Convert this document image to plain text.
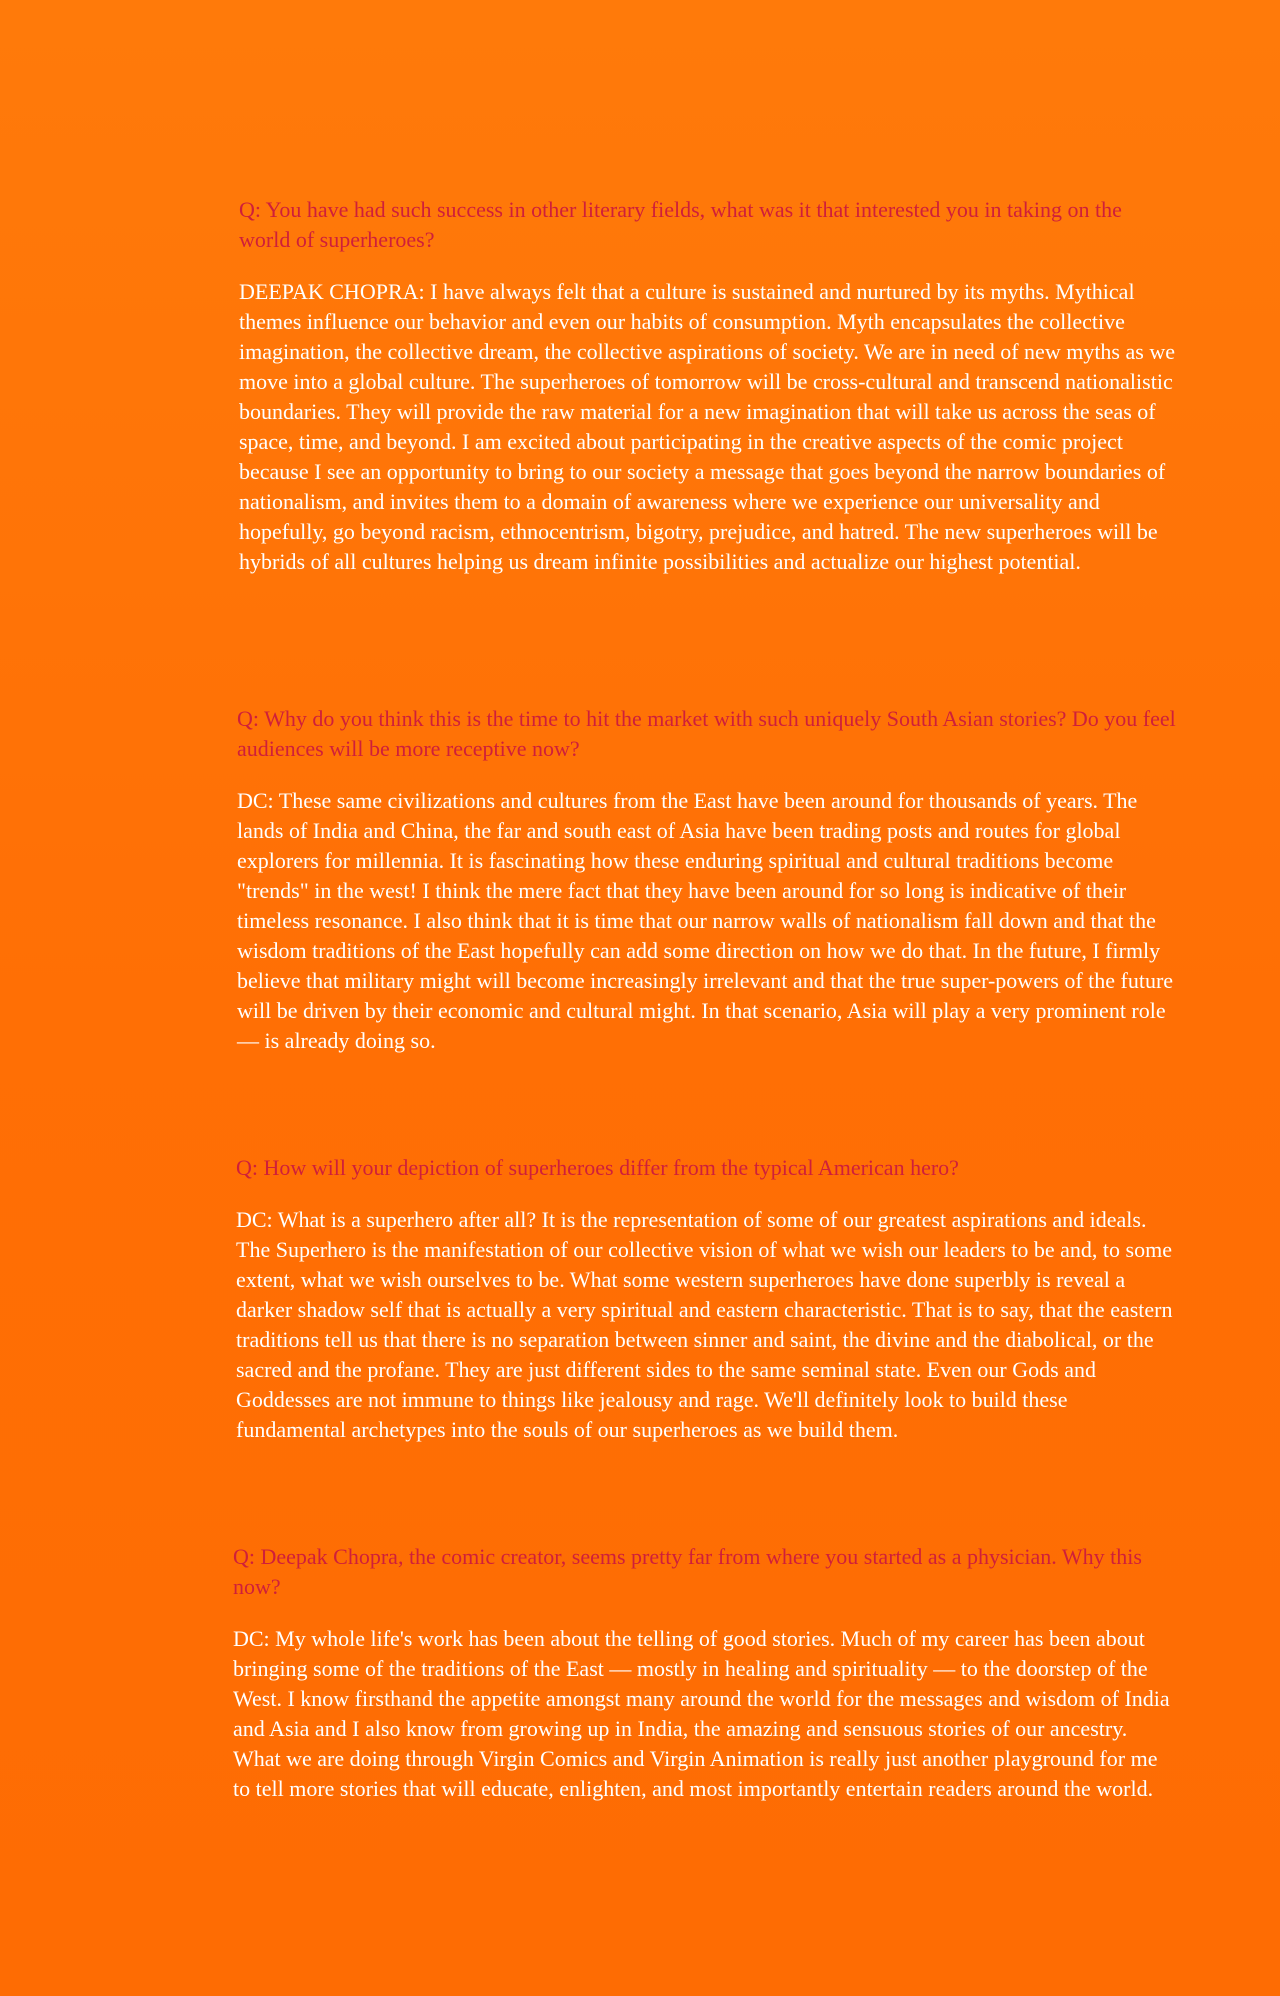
Q: You have had such success in other literary fields, what was it that interested you in taking on the world of superheroes?

DEEPAK CHOPRA: I have always felt that a culture is sustained and nurtured by its myths. Mythical themes influence our behavior and even our habits of consumption. Myth encapsulates the collective imagination, the collective dream, the collective aspirations of society. We are in need of new myths as we move into a global culture. The superheroes of tomorrow will be cross-cultural and transcend nationalistic boundaries. They will provide the raw material for a new imagination that will take us across the seas of space, time, and beyond. I am excited about participating in the creative aspects of the comic project because I see an opportunity to bring to our society a message that goes beyond the narrow boundaries of nationalism, and invites them to a domain of awareness where we experience our universality and hopefully, go beyond racism, ethnocentrism, bigotry, prejudice, and hatred. The new superheroes will be hybrids of all cultures helping us dream infinite possibilities and actualize our highest potential.

Q: Why do you think this is the time to hit the market with such uniquely South Asian stories? Do you feel audiences will be more receptive now?

DC: These same civilizations and cultures from the East have been around for thousands of years. The lands of India and China, the far and south east of Asia have been trading posts and routes for global explorers for millennia. It is fascinating how these enduring spiritual and cultural traditions become "trends" in the west! I think the mere fact that they have been around for so long is indicative of their timeless resonance. I also think that it is time that our narrow walls of nationalism fall down and that the wisdom traditions of the East hopefully can add some direction on how we do that. In the future, I firmly believe that military might will become increasingly irrelevant and that the true super-powers of the future will be driven by their economic and cultural might. In that scenario, Asia will play a very prominent role — is already doing so.

Q: How will your depiction of superheroes differ from the typical American hero?

DC: What is a superhero after all? It is the representation of some of our greatest aspirations and ideals. The Superhero is the manifestation of our collective vision of what we wish our leaders to be and, to some extent, what we wish ourselves to be. What some western superheroes have done superbly is reveal a darker shadow self that is actually a very spiritual and eastern characteristic. That is to say, that the eastern traditions tell us that there is no separation between sinner and saint, the divine and the diabolical, or the sacred and the profane. They are just different sides to the same seminal state. Even our Gods and Goddesses are not immune to things like jealousy and rage. We'll definitely look to build these fundamental archetypes into the souls of our superheroes as we build them.

Q: Deepak Chopra, the comic creator, seems pretty far from where you started as a physician. Why this now?

DC: My whole life's work has been about the telling of good stories. Much of my career has been about bringing some of the traditions of the East — mostly in healing and spirituality — to the doorstep of the West. I know firsthand the appetite amongst many around the world for the messages and wisdom of India and Asia and I also know from growing up in India, the amazing and sensuous stories of our ancestry. What we are doing through Virgin Comics and Virgin Animation is really just another playground for me to tell more stories that will educate, enlighten, and most importantly entertain readers around the world.
